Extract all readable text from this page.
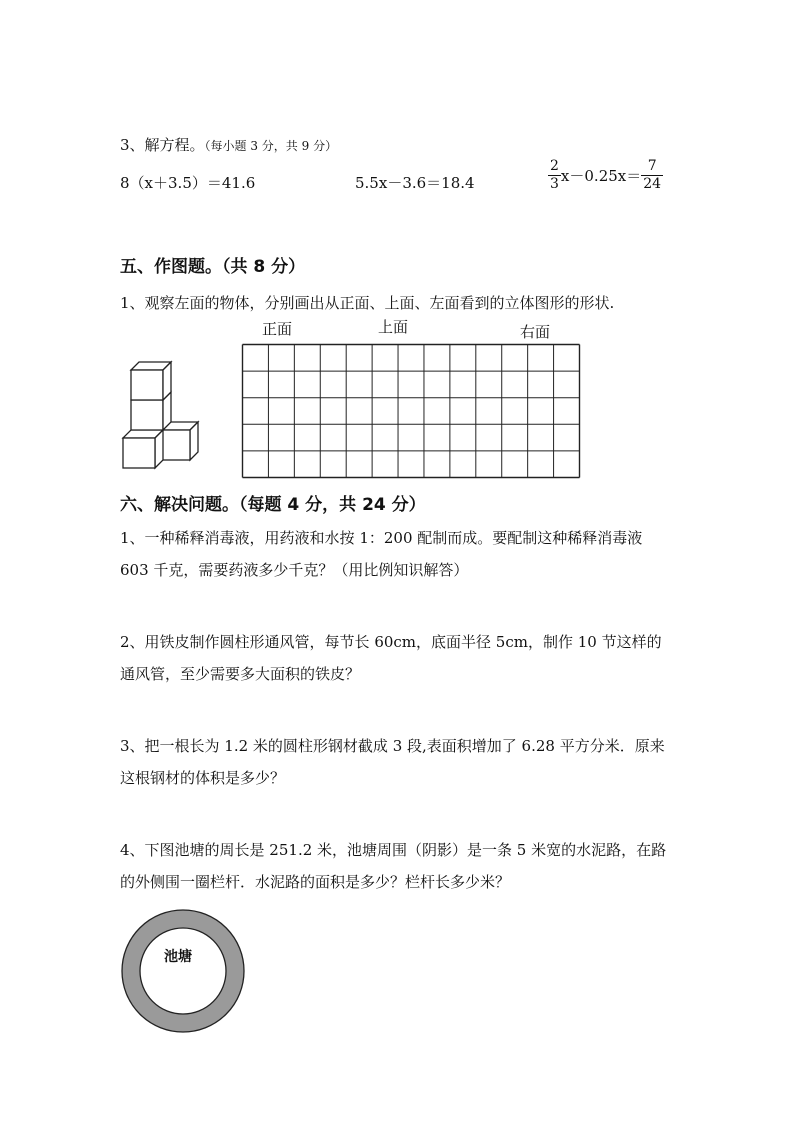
3、解方程。（每小题 3 分，共 9 分）
8（x＋3.5）＝41.6	5.5x－3.6＝18.4	$\frac{2}{3} x-0.25x= \frac{7}{24}$
五、作图题。（共 8 分）
1、观察左面的物体，分别画出从正面、上面、左面看到的立体图形的形状.
正面	上面	右面
六、解决问题。（每题 4 分，共 24 分）
1、一种稀释消毒液，用药液和水按 1：200 配制而成。要配制这种稀释消毒液 603 千克，需要药液多少千克？（用比例知识解答）
2、用铁皮制作圆柱形通风管，每节长 60cm，底面半径 5cm，制作 10 节这样的通风管，至少需要多大面积的铁皮？
3、把一根长为 1.2 米的圆柱形钢材截成 3 段,表面积增加了 6.28 平方分米．原来这根钢材的体积是多少？
4、下图池塘的周长是 251.2 米，池塘周围（阴影）是一条 5 米宽的水泥路，在路的外侧围一圈栏杆．水泥路的面积是多少？栏杆长多少米？
池塘
